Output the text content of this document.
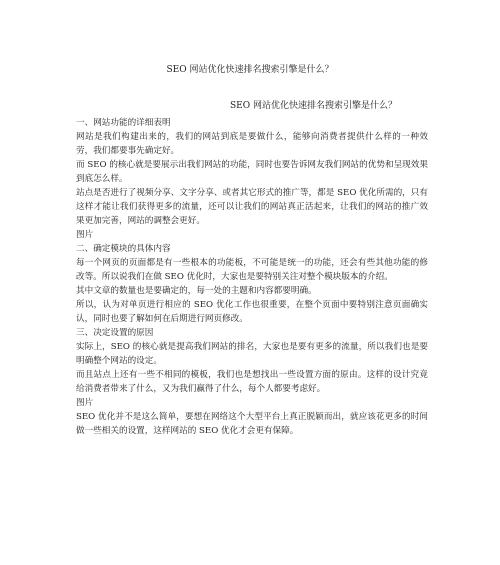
SEO 网站优化快速排名搜索引擎是什么？
SEO 网站优化快速排名搜索引擎是什么？

一、网站功能的详细表明

网站是我们构建出来的，我们的网站到底是要做什么，能够向消费者提供什么样的一种效劳，我们都要事先确定好。

而 SEO 的核心就是要展示出我们网站的功能，同时也要告诉网友我们网站的优势和呈现效果到底怎么样。

站点是否进行了视频分享、文字分享、或者其它形式的推广等，都是 SEO 优化所需的，只有这样才能让我们获得更多的流量，还可以让我们的网站真正活起来，让我们的网站的推广效果更加完善，网站的调整会更好。

图片

二、确定模块的具体内容

每一个网页的页面都是有一些根本的功能板，不可能是统一的功能，还会有些其他功能的修改等。所以说我们在做 SEO 优化时，大家也是要特别关注对整个模块版本的介绍。

其中文章的数量也是要确定的，每一处的主题和内容都要明确。

所以，认为对单页进行相应的 SEO 优化工作也很重要，在整个页面中要特别注意页面确实认，同时也要了解如何在后期进行网页修改。

三、决定设置的原因

实际上，SEO 的核心就是提高我们网站的排名，大家也是要有更多的流量，所以我们也是要明确整个网站的设定。

而且站点上还有一些不相同的模板，我们也是想找出一些设置方面的原由。这样的设计究竟给消费者带来了什么，又为我们赢得了什么，每个人都要考虑好。

图片

SEO 优化并不是这么简单，要想在网络这个大型平台上真正脱颖而出，就应该花更多的时间做一些相关的设置，这样网站的 SEO 优化才会更有保障。
